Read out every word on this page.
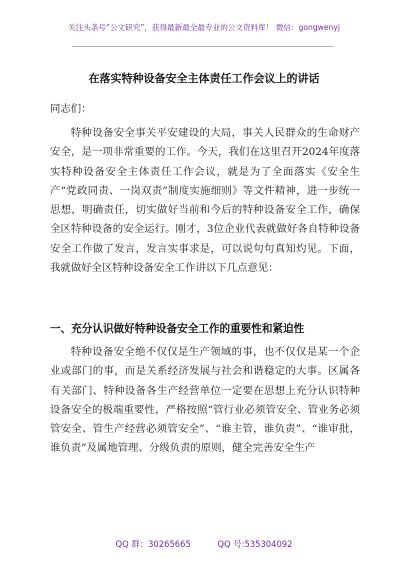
关注头条号“公文研究”，获得最新最全最专业的公文资料库！ 微信：gongwenyj
在落实特种设备安全主体责任工作会议上的讲话
同志们：

特种设备安全事关平安建设的大局，事关人民群众的生命财产安全，是一项非常重要的工作。今天，我们在这里召开2024年度落实特种设备安全主体责任工作会议，就是为了全面落实《安全生产“党政同责、一岗双责”制度实施细则》等文件精神，进一步统一思想，明确责任，切实做好当前和今后的特种设备安全工作，确保全区特种设备的安全运行。刚才，3位企业代表就做好各自特种设备安全工作做了发言，发言实事求是，可以说句句真知灼见。下面，我就做好全区特种设备安全工作讲以下几点意见：

一、充分认识做好特种设备安全工作的重要性和紧迫性

特种设备安全绝不仅仅是生产领域的事，也不仅仅是某一个企业或部门的事，而是关系经济发展与社会和谐稳定的大事。区属各有关部门、特种设备各生产经营单位一定要在思想上充分认识特种设备安全的极端重要性，严格按照“管行业必须管安全、管业务必须管安全、管生产经营必须管安全”、“谁主管，谁负责”、“谁审批，谁负责”及属地管理、分级负责的原则，健全完善安全生产

QQ 群：30265665	QQ 号:535304092
